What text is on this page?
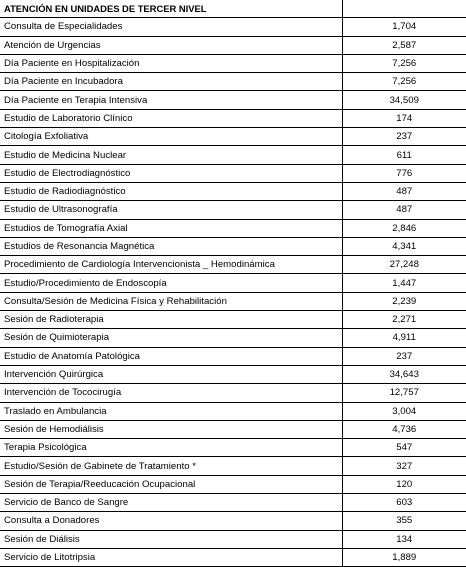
ATENCIÓN EN UNIDADES DE TERCER NIVEL	
Consulta de Especialidades	1,704
Atención de Urgencias	2,587
Día Paciente en Hospitalización	7,256
Día Paciente en Incubadora	7,256
Día Paciente en Terapia Intensiva	34,509
Estudio de Laboratorio Clínico	174
Citología Exfoliativa	237
Estudio de Medicina Nuclear	611
Estudio de Electrodiagnóstico	776
Estudio de Radiodiagnóstico	487
Estudio de Ultrasonografía	487
Estudios de Tomografía Axial	2,846
Estudios de Resonancia Magnética	4,341
Procedimiento de Cardiología Intervencionista _ Hemodinámica	27,248
Estudio/Procedimiento de Endoscopía	1,447
Consulta/Sesión de Medicina Física y Rehabilitación	2,239
Sesión de Radioterapia	2,271
Sesión de Quimioterapia	4,911
Estudio de Anatomía Patológica	237
Intervención Quirúrgica	34,643
Intervención de Tococirugía	12,757
Traslado en Ambulancia	3,004
Sesión de Hemodiálisis	4,736
Terapia Psicológica	547
Estudio/Sesión de Gabinete de Tratamiento *	327
Sesión de Terapia/Reeducación Ocupacional	120
Servicio de Banco de Sangre	603
Consulta a Donadores	355
Sesión de Diálisis	134
Servicio de Litotripsia	1,889
